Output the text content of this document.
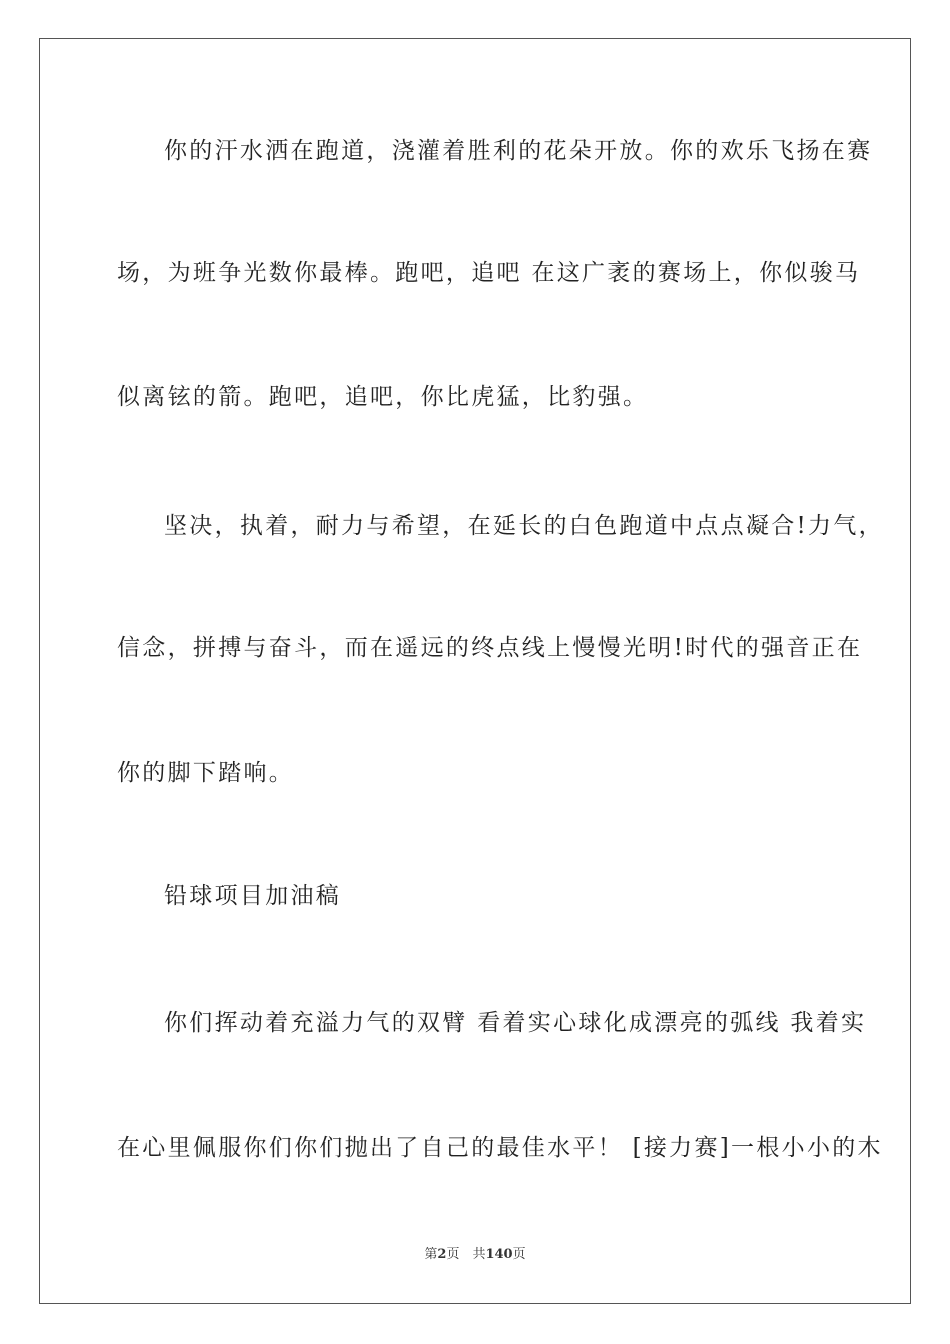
你的汗水洒在跑道，浇灌着胜利的花朵开放。你的欢乐飞扬在赛
场，为班争光数你最棒。跑吧，追吧 在这广袤的赛场上，你似骏马
似离铉的箭。跑吧，追吧，你比虎猛，比豹强。
坚决，执着，耐力与希望，在延长的白色跑道中点点凝合!力气，
信念，拼搏与奋斗，而在遥远的终点线上慢慢光明!时代的强音正在
你的脚下踏响。
铅球项目加油稿
你们挥动着充溢力气的双臂 看着实心球化成漂亮的弧线 我着实
在心里佩服你们你们抛出了自己的最佳水平！ [接力赛]一根小小的木
第2页　共140页
